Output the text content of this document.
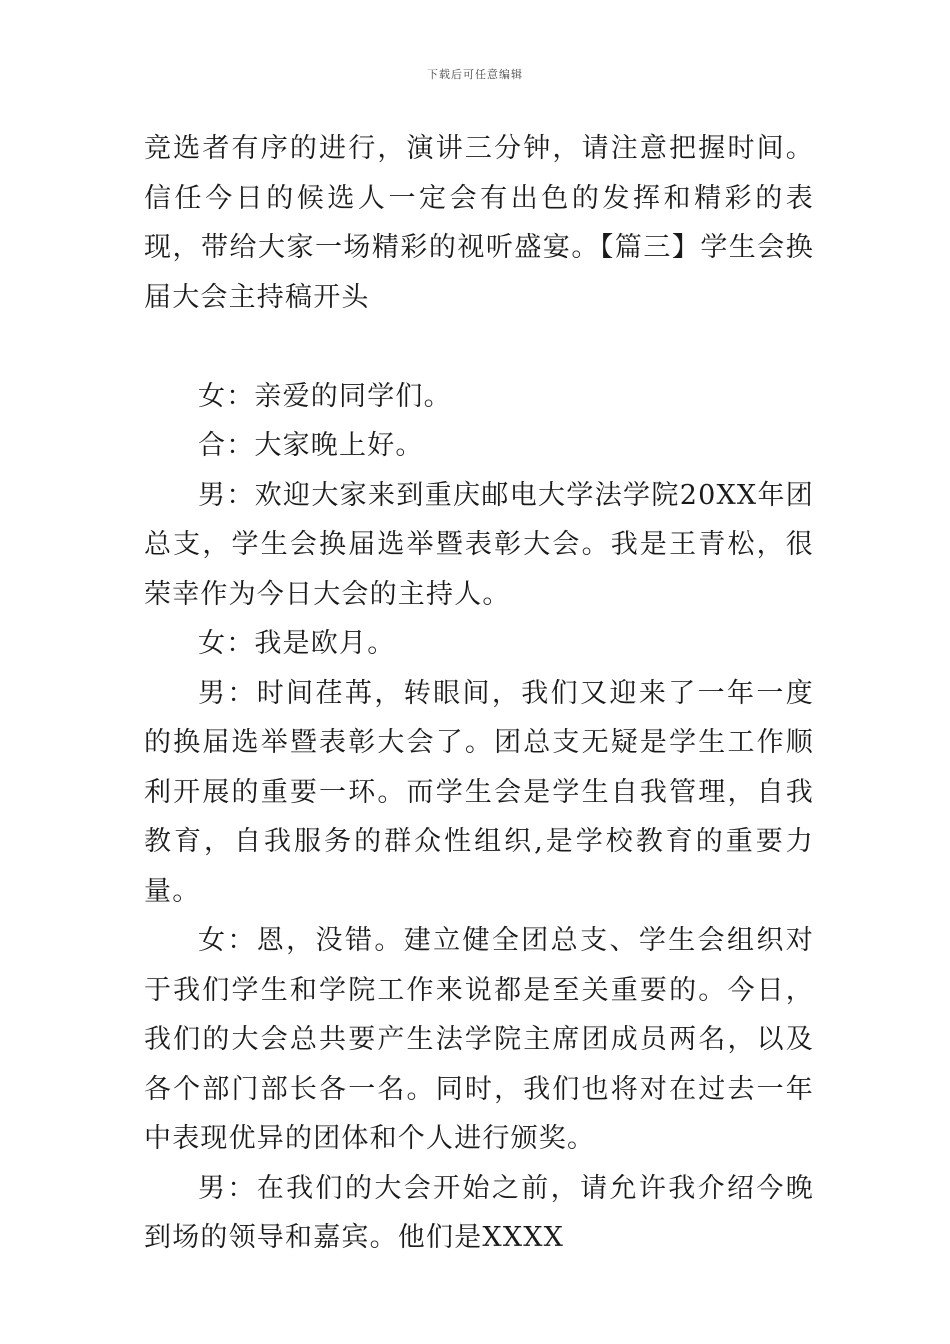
下载后可任意编辑

竞选者有序的进行，演讲三分钟，请注意把握时间。信任今日的候选人一定会有出色的发挥和精彩的表现，带给大家一场精彩的视听盛宴。【篇三】学生会换届大会主持稿开头

女：亲爱的同学们。

合：大家晚上好。

男：欢迎大家来到重庆邮电大学法学院20XX年团总支，学生会换届选举暨表彰大会。我是王青松，很荣幸作为今日大会的主持人。

女：我是欧月。

男：时间荏苒，转眼间，我们又迎来了一年一度的换届选举暨表彰大会了。团总支无疑是学生工作顺利开展的重要一环。而学生会是学生自我管理，自我教育，自我服务的群众性组织,是学校教育的重要力量。

女：恩，没错。建立健全团总支、学生会组织对于我们学生和学院工作来说都是至关重要的。今日，我们的大会总共要产生法学院主席团成员两名，以及各个部门部长各一名。同时，我们也将对在过去一年中表现优异的团体和个人进行颁奖。

男：在我们的大会开始之前，请允许我介绍今晚到场的领导和嘉宾。他们是XXXX
